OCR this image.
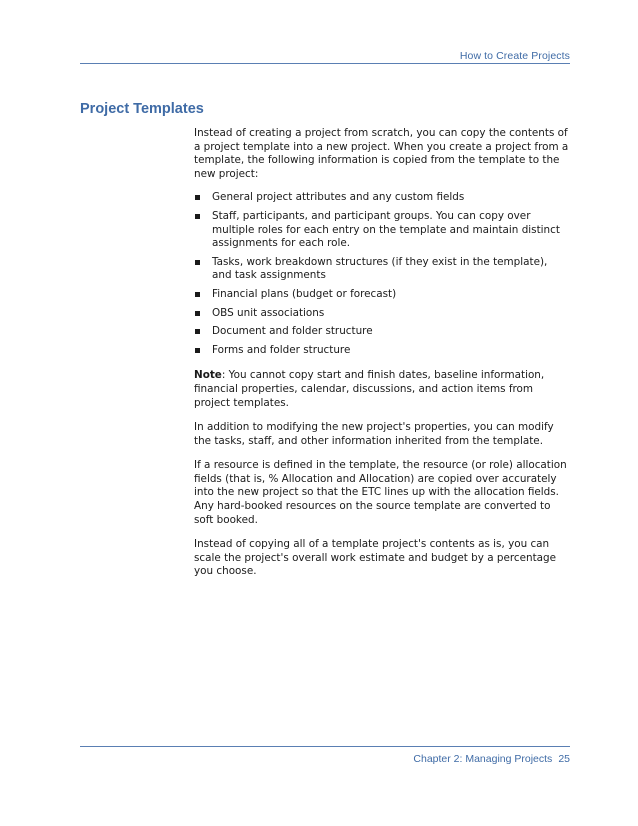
How to Create Projects
Project Templates

Instead of creating a project from scratch, you can copy the contents of a project template into a new project. When you create a project from a template, the following information is copied from the template to the new project:

General project attributes and any custom fields
Staff, participants, and participant groups. You can copy over multiple roles for each entry on the template and maintain distinct assignments for each role.
Tasks, work breakdown structures (if they exist in the template), and task assignments
Financial plans (budget or forecast)
OBS unit associations
Document and folder structure
Forms and folder structure

Note: You cannot copy start and finish dates, baseline information, financial properties, calendar, discussions, and action items from project templates.

In addition to modifying the new project's properties, you can modify the tasks, staff, and other information inherited from the template.

If a resource is defined in the template, the resource (or role) allocation fields (that is, % Allocation and Allocation) are copied over accurately into the new project so that the ETC lines up with the allocation fields. Any hard-booked resources on the source template are converted to soft booked.

Instead of copying all of a template project's contents as is, you can scale the project's overall work estimate and budget by a percentage you choose.

Chapter 2: Managing Projects 25
